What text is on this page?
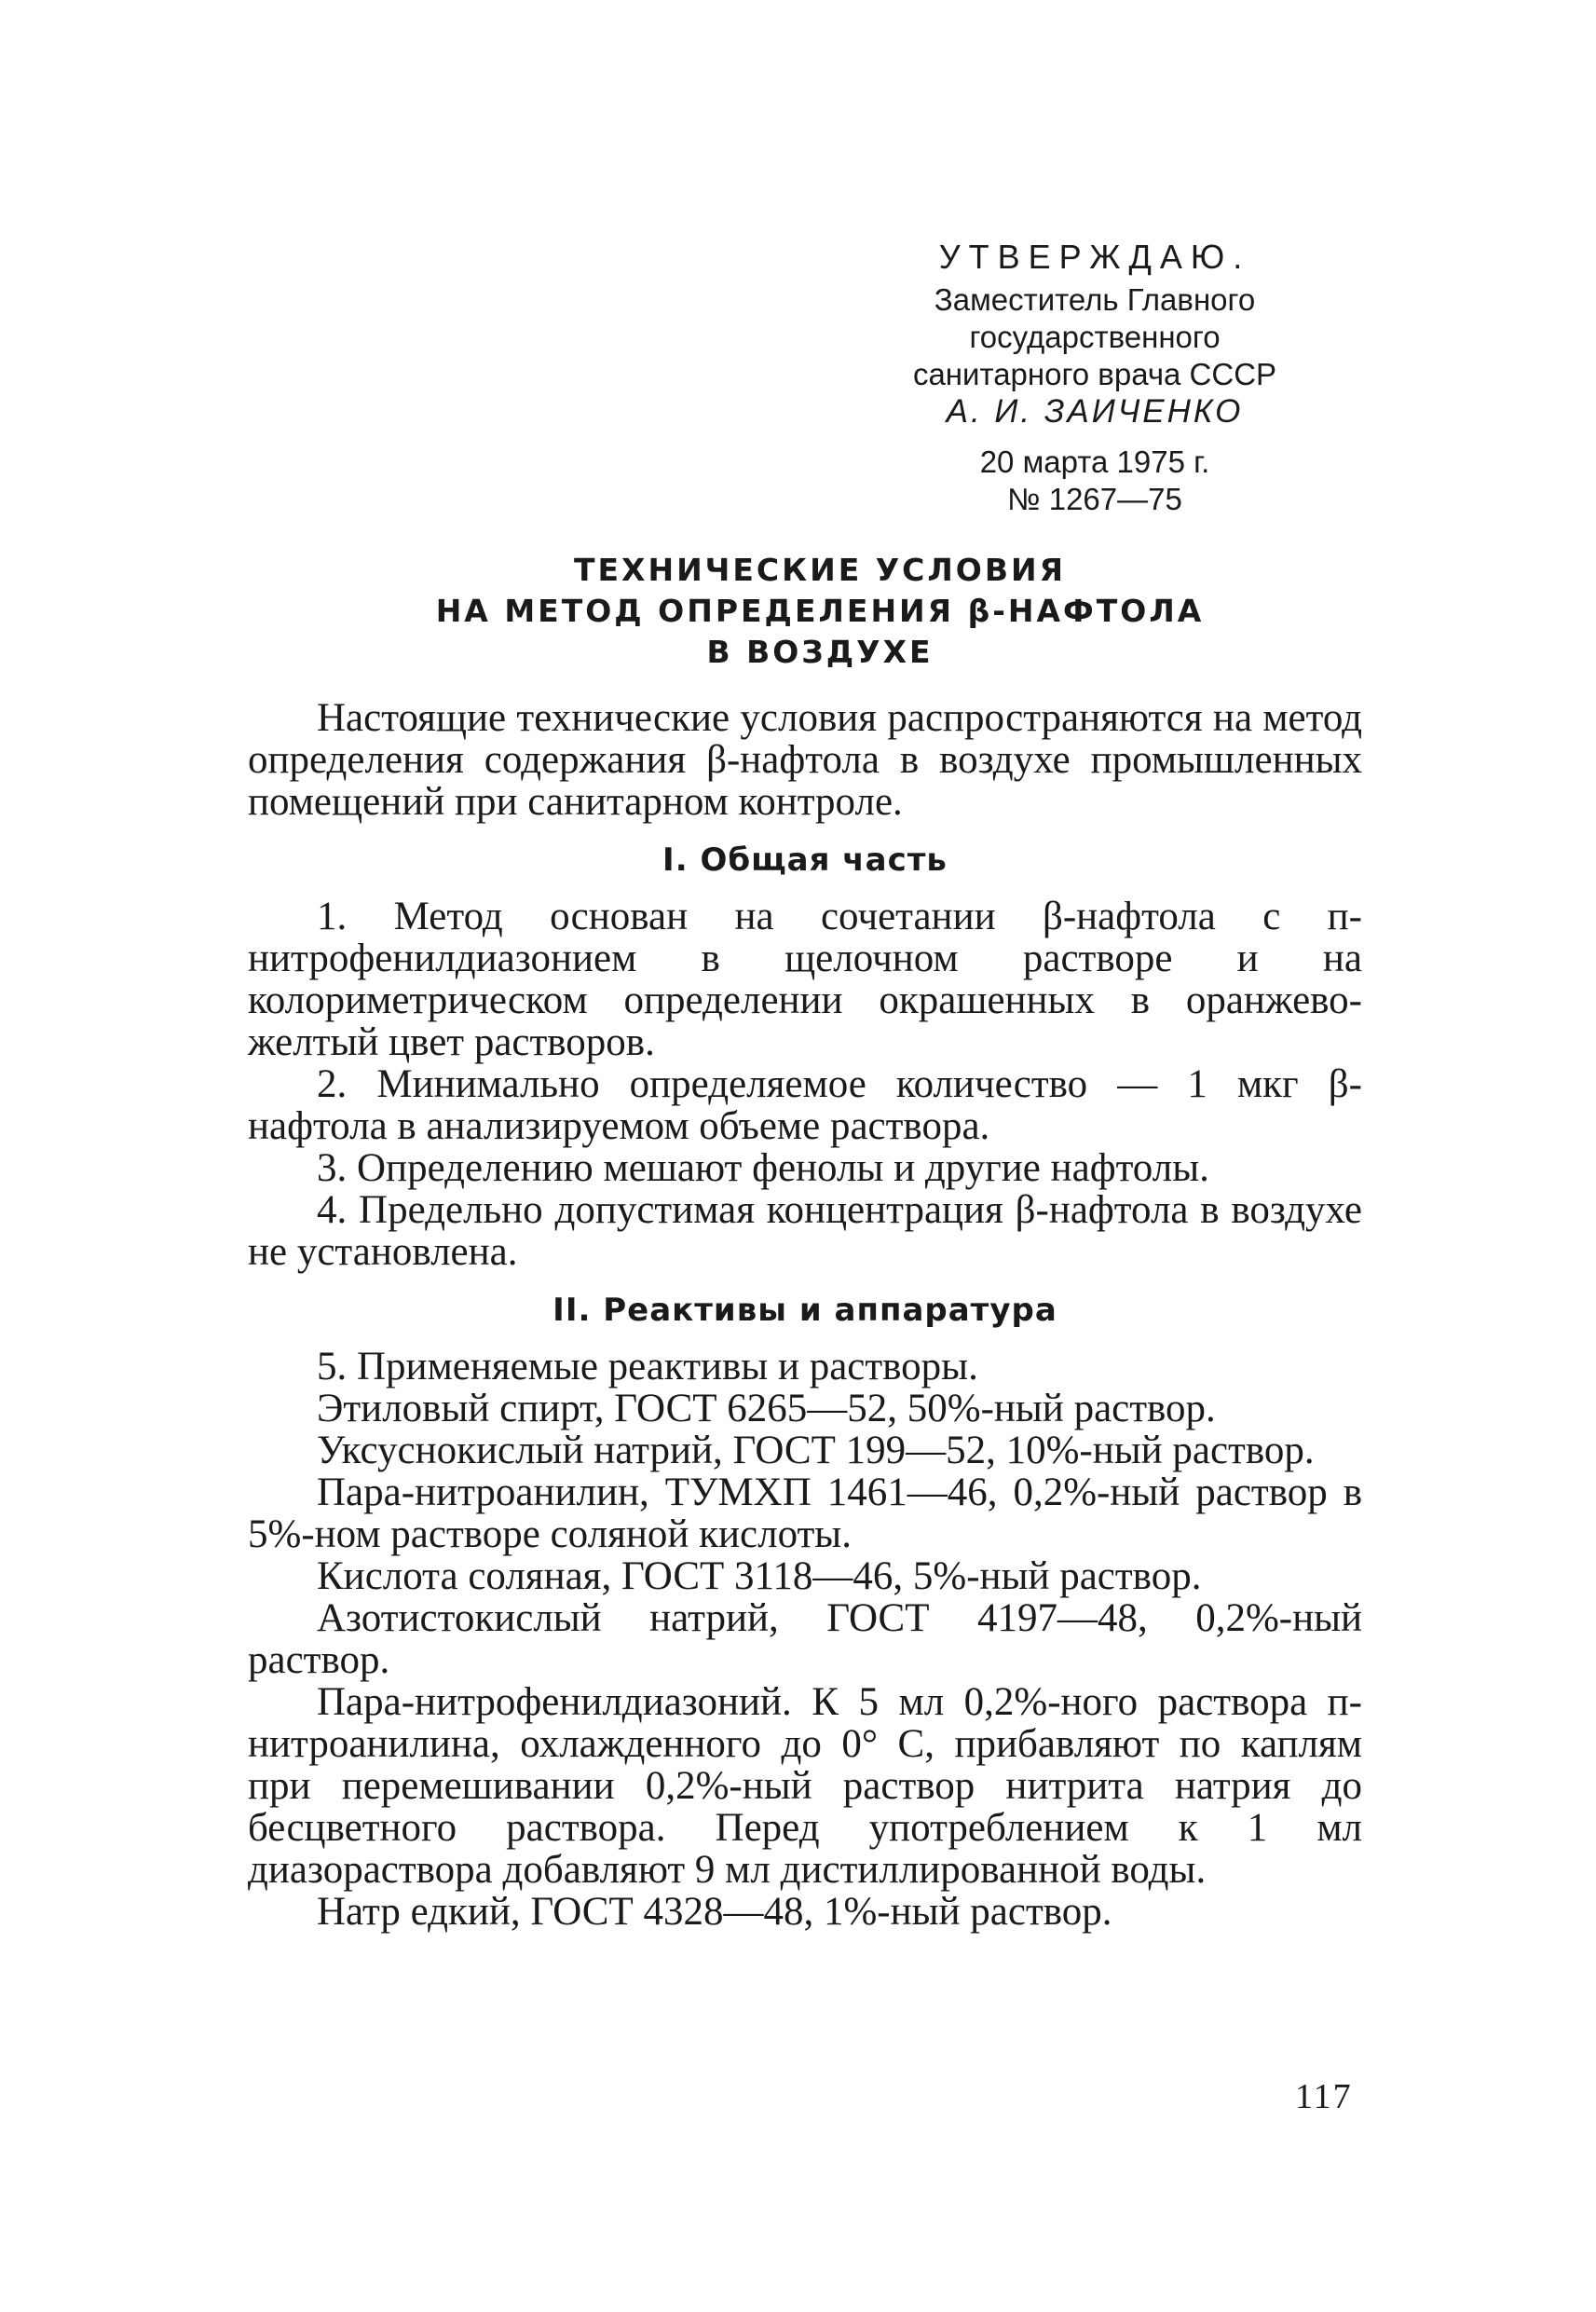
УТВЕРЖДАЮ.
Заместитель Главного
государственного
санитарного врача СССР
А. И. ЗАИЧЕНКО
20 марта 1975 г.
№ 1267—75
ТЕХНИЧЕСКИЕ УСЛОВИЯ
НА МЕТОД ОПРЕДЕЛЕНИЯ β-НАФТОЛА
В ВОЗДУХЕ

Настоящие технические условия распространяются на метод определения содержания β-нафтола в воздухе промышленных помещений при санитарном контроле.

I. Общая часть

1. Метод основан на сочетании β-нафтола с п-нитрофенилдиазонием в щелочном растворе и на колориметрическом определении окрашенных в оранжево-желтый цвет растворов.

2. Минимально определяемое количество — 1 мкг β-нафтола в анализируемом объеме раствора.

3. Определению мешают фенолы и другие нафтолы.

4. Предельно допустимая концентрация β-нафтола в воздухе не установлена.

II. Реактивы и аппаратура

5. Применяемые реактивы и растворы.

Этиловый спирт, ГОСТ 6265—52, 50%-ный раствор.

Уксуснокислый натрий, ГОСТ 199—52, 10%-ный раствор.

Пара-нитроанилин, ТУМХП 1461—46, 0,2%-ный раствор в 5%-ном растворе соляной кислоты.

Кислота соляная, ГОСТ 3118—46, 5%-ный раствор.

Азотистокислый натрий, ГОСТ 4197—48, 0,2%-ный раствор.

Пара-нитрофенилдиазоний. К 5 мл 0,2%-ного раствора п-нитроанилина, охлажденного до 0° С, прибавляют по каплям при перемешивании 0,2%-ный раствор нитрита натрия до бесцветного раствора. Перед употреблением к 1 мл диазораствора добавляют 9 мл дистиллированной воды.

Натр едкий, ГОСТ 4328—48, 1%-ный раствор.

117
